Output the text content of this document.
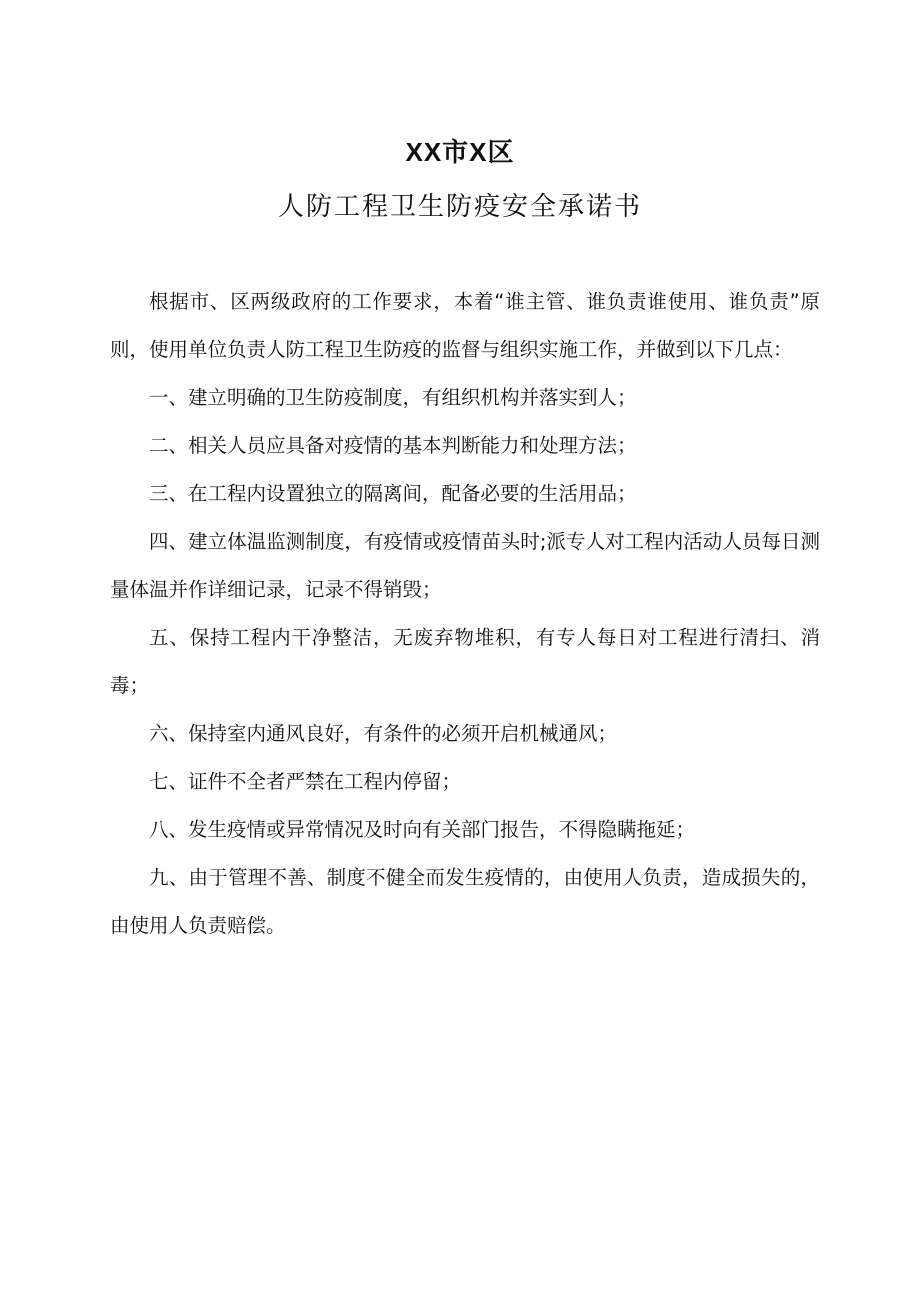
XX市X区
人防工程卫生防疫安全承诺书

根据市、区两级政府的工作要求，本着“谁主管、谁负责谁使用、谁负责”原则，使用单位负责人防工程卫生防疫的监督与组织实施工作，并做到以下几点：

一、建立明确的卫生防疫制度，有组织机构并落实到人；

二、相关人员应具备对疫情的基本判断能力和处理方法；

三、在工程内设置独立的隔离间，配备必要的生活用品；

四、建立体温监测制度，有疫情或疫情苗头时;派专人对工程内活动人员每日测量体温并作详细记录，记录不得销毁；

五、保持工程内干净整洁，无废弃物堆积，有专人每日对工程进行清扫、消毒；

六、保持室内通风良好，有条件的必须开启机械通风；

七、证件不全者严禁在工程内停留；

八、发生疫情或异常情况及时向有关部门报告，不得隐瞒拖延；

九、由于管理不善、制度不健全而发生疫情的，由使用人负责，造成损失的，由使用人负责赔偿。
